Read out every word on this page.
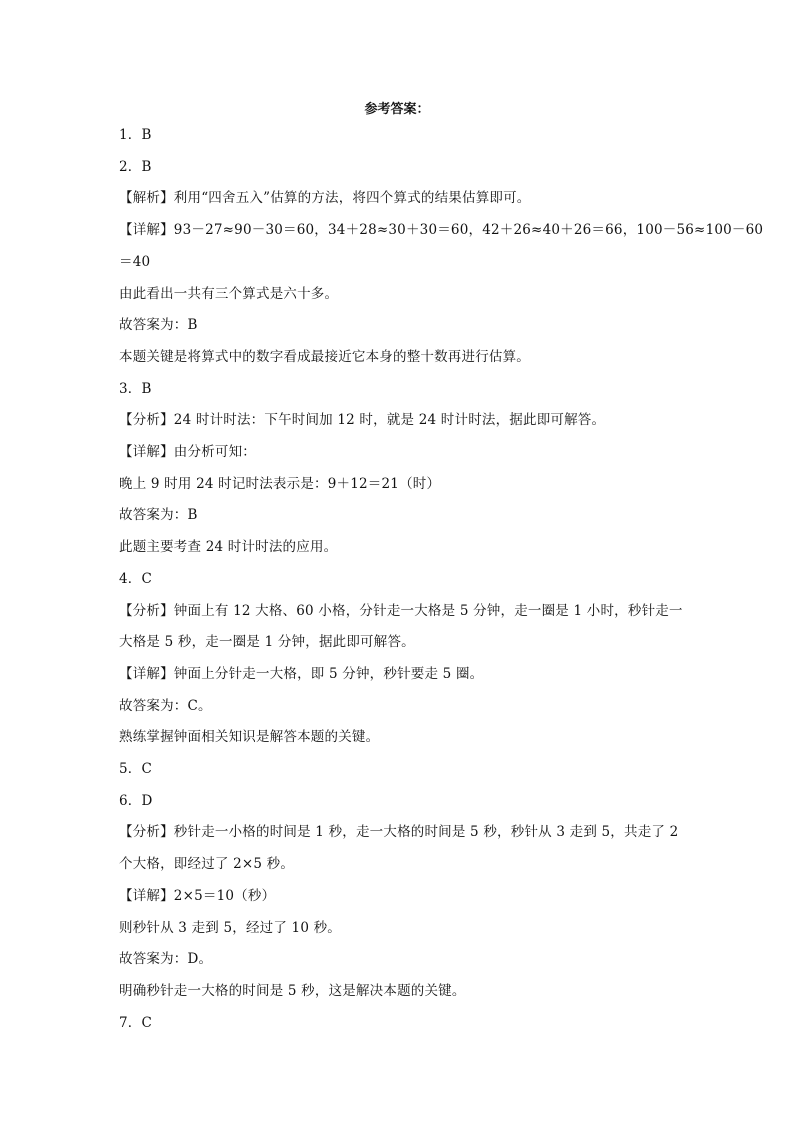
参考答案：
1．B
2．B
【解析】利用“四舍五入”估算的方法，将四个算式的结果估算即可。
【详解】93－27≈90－30＝60，34＋28≈30＋30＝60，42＋26≈40＋26＝66，100－56≈100－60
＝40
由此看出一共有三个算式是六十多。
故答案为：B
本题关键是将算式中的数字看成最接近它本身的整十数再进行估算。
3．B
【分析】24 时计时法：下午时间加 12 时，就是 24 时计时法，据此即可解答。
【详解】由分析可知：
晚上 9 时用 24 时记时法表示是：9＋12＝21（时）
故答案为：B
此题主要考查 24 时计时法的应用。
4．C
【分析】钟面上有 12 大格、60 小格，分针走一大格是 5 分钟，走一圈是 1 小时，秒针走一
大格是 5 秒，走一圈是 1 分钟，据此即可解答。
【详解】钟面上分针走一大格，即 5 分钟，秒针要走 5 圈。
故答案为：C。
熟练掌握钟面相关知识是解答本题的关键。
5．C
6．D
【分析】秒针走一小格的时间是 1 秒，走一大格的时间是 5 秒，秒针从 3 走到 5，共走了 2
个大格，即经过了 2×5 秒。
【详解】2×5＝10（秒）
则秒针从 3 走到 5，经过了 10 秒。
故答案为：D。
明确秒针走一大格的时间是 5 秒，这是解决本题的关键。
7．C
